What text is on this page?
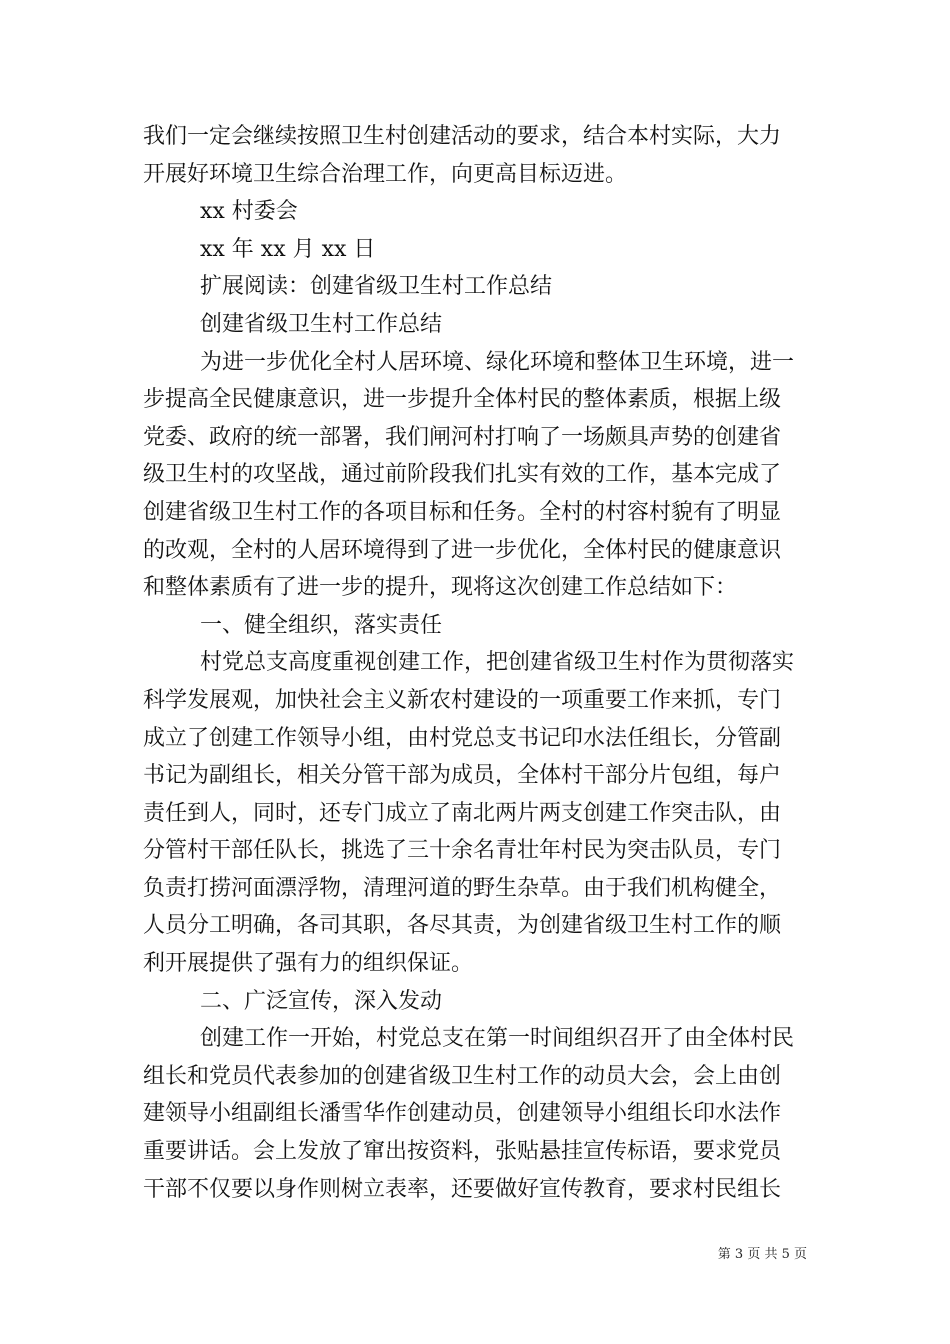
我们一定会继续按照卫生村创建活动的要求，结合本村实际，大力
开展好环境卫生综合治理工作，向更高目标迈进。
xx 村委会
xx 年 xx 月 xx 日
扩展阅读：创建省级卫生村工作总结
创建省级卫生村工作总结
为进一步优化全村人居环境、绿化环境和整体卫生环境，进一
步提高全民健康意识，进一步提升全体村民的整体素质，根据上级
党委、政府的统一部署，我们闸河村打响了一场颇具声势的创建省
级卫生村的攻坚战，通过前阶段我们扎实有效的工作，基本完成了
创建省级卫生村工作的各项目标和任务。全村的村容村貌有了明显
的改观，全村的人居环境得到了进一步优化，全体村民的健康意识
和整体素质有了进一步的提升，现将这次创建工作总结如下：
一、健全组织，落实责任
村党总支高度重视创建工作，把创建省级卫生村作为贯彻落实
科学发展观，加快社会主义新农村建设的一项重要工作来抓，专门
成立了创建工作领导小组，由村党总支书记印水法任组长，分管副
书记为副组长，相关分管干部为成员，全体村干部分片包组，每户
责任到人，同时，还专门成立了南北两片两支创建工作突击队，由
分管村干部任队长，挑选了三十余名青壮年村民为突击队员，专门
负责打捞河面漂浮物，清理河道的野生杂草。由于我们机构健全，
人员分工明确，各司其职，各尽其责，为创建省级卫生村工作的顺
利开展提供了强有力的组织保证。
二、广泛宣传，深入发动
创建工作一开始，村党总支在第一时间组织召开了由全体村民
组长和党员代表参加的创建省级卫生村工作的动员大会，会上由创
建领导小组副组长潘雪华作创建动员，创建领导小组组长印水法作
重要讲话。会上发放了窜出按资料，张贴悬挂宣传标语，要求党员
干部不仅要以身作则树立表率，还要做好宣传教育，要求村民组长
第 3 页 共 5 页
